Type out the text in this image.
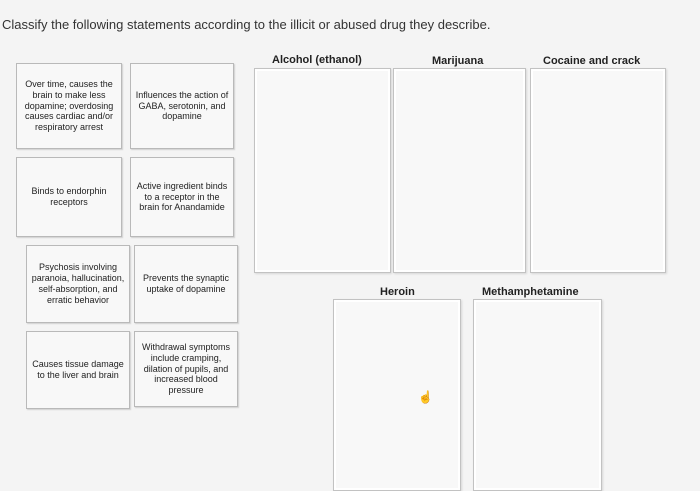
Classify the following statements according to the illicit or abused drug they describe.
Over time, causes the brain to make less dopamine; overdosing causes cardiac and/or respiratory arrest
Influences the action of GABA, serotonin, and dopamine
Binds to endorphin receptors
Active ingredient binds to a receptor in the brain for Anandamide
Psychosis involving paranoia, hallucination, self-absorption, and erratic behavior
Prevents the synaptic uptake of dopamine
Causes tissue damage to the liver and brain
Withdrawal symptoms include cramping, dilation of pupils, and increased blood pressure
Alcohol (ethanol)	Marijuana	Cocaine and crack
Heroin	Methamphetamine
☝
